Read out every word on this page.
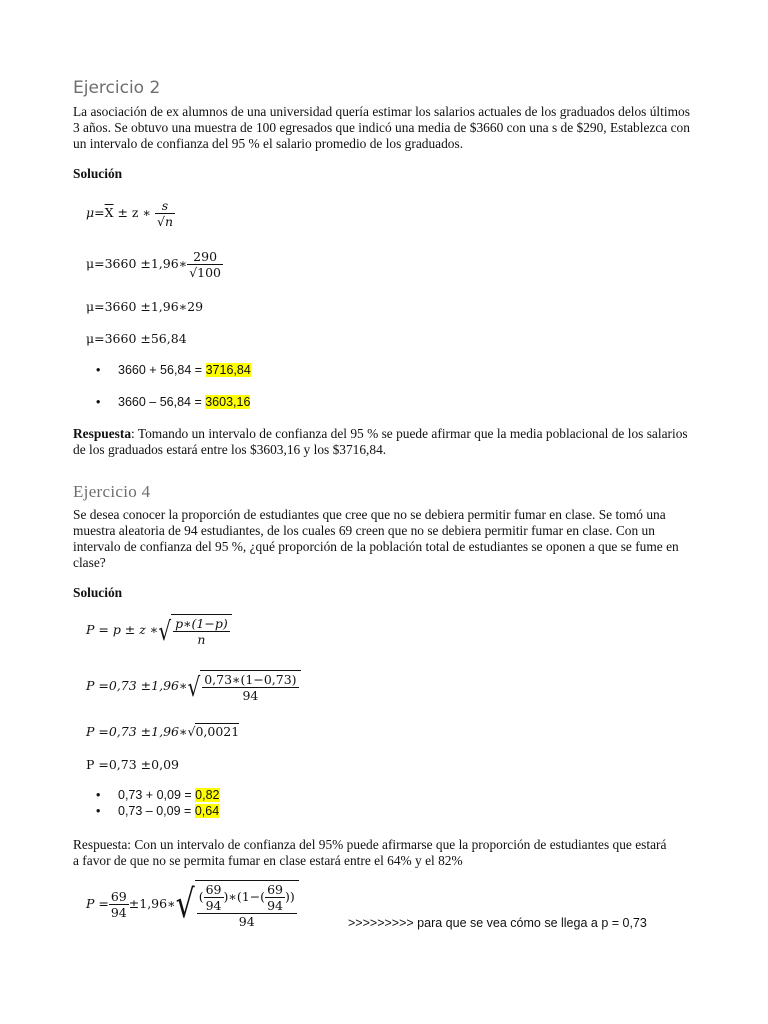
Ejercicio 2
La asociación de ex alumnos de una universidad quería estimar los salarios actuales de los graduados delos últimos 3 años. Se obtuvo una muestra de 100 egresados que indicó una media de $3660 con una s de $290, Establezca con un intervalo de confianza del 95 % el salario promedio de los graduados.
Solución
$\mu=\overline{X} \pm z$ ∗ $\frac{s}{√n}$
μ=3660 ±1,96∗ $\frac{290}{√100}$
μ=3660 ±1,96∗29
μ=3660 ±56,84
• 3660 + 56,84 = 3716,84
• 3660 – 56,84 = 3603,16
Respuesta: Tomando un intervalo de confianza del 95 % se puede afirmar que la media poblacional de los salarios de los graduados estará entre los $3603,16 y los $3716,84.
Ejercicio 4
Se desea conocer la proporción de estudiantes que cree que no se debiera permitir fumar en clase. Se tomó una muestra aleatoria de 94 estudiantes, de los cuales 69 creen que no se debiera permitir fumar en clase. Con un intervalo de confianza del 95 %, ¿qué proporción de la población total de estudiantes se oponen a que se fume en clase?
Solución
P = p ± z ∗√ $\frac{p∗(1-p)}{n}$
P =0,73 ±1,96∗√ $\frac{0,73∗(1-0,73)}{94}$
P =0,73 ±1,96∗√0,0021
P =0,73 ±0,09
• 0,73 + 0,09 = 0,82
• 0,73 – 0,09 = 0,64
Respuesta: Con un intervalo de confianza del 95% puede afirmarse que la proporción de estudiantes que estará a favor de que no se permita fumar en clase estará entre el 64% y el 82%
$P = \frac{69}{94}$ ±1,96∗√ $\frac{( \frac{69}{94} )∗(1-( \frac{69}{94} ))}{94}$	>>>>>>>>> para que se vea cómo se llega a p = 0,73
